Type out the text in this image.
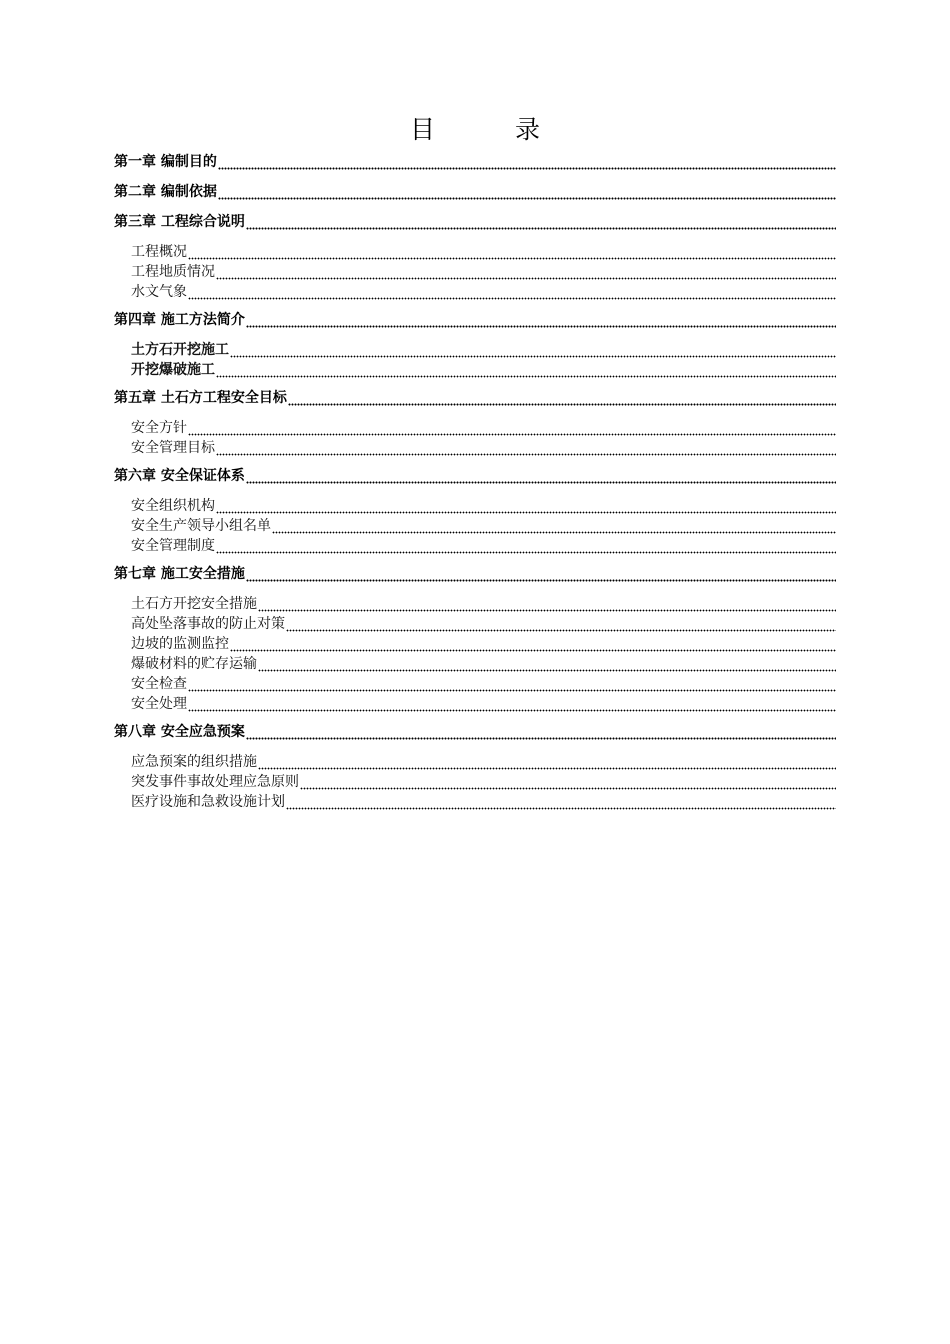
目 录
第一章 编制目的
第二章 编制依据
第三章 工程综合说明
工程概况
工程地质情况
水文气象
第四章 施工方法简介
土方石开挖施工
开挖爆破施工
第五章 土石方工程安全目标
安全方针
安全管理目标
第六章 安全保证体系
安全组织机构
安全生产领导小组名单
安全管理制度
第七章 施工安全措施
土石方开挖安全措施
高处坠落事故的防止对策
边坡的监测监控
爆破材料的贮存运输
安全检查
安全处理
第八章 安全应急预案
应急预案的组织措施
突发事件事故处理应急原则
医疗设施和急救设施计划
